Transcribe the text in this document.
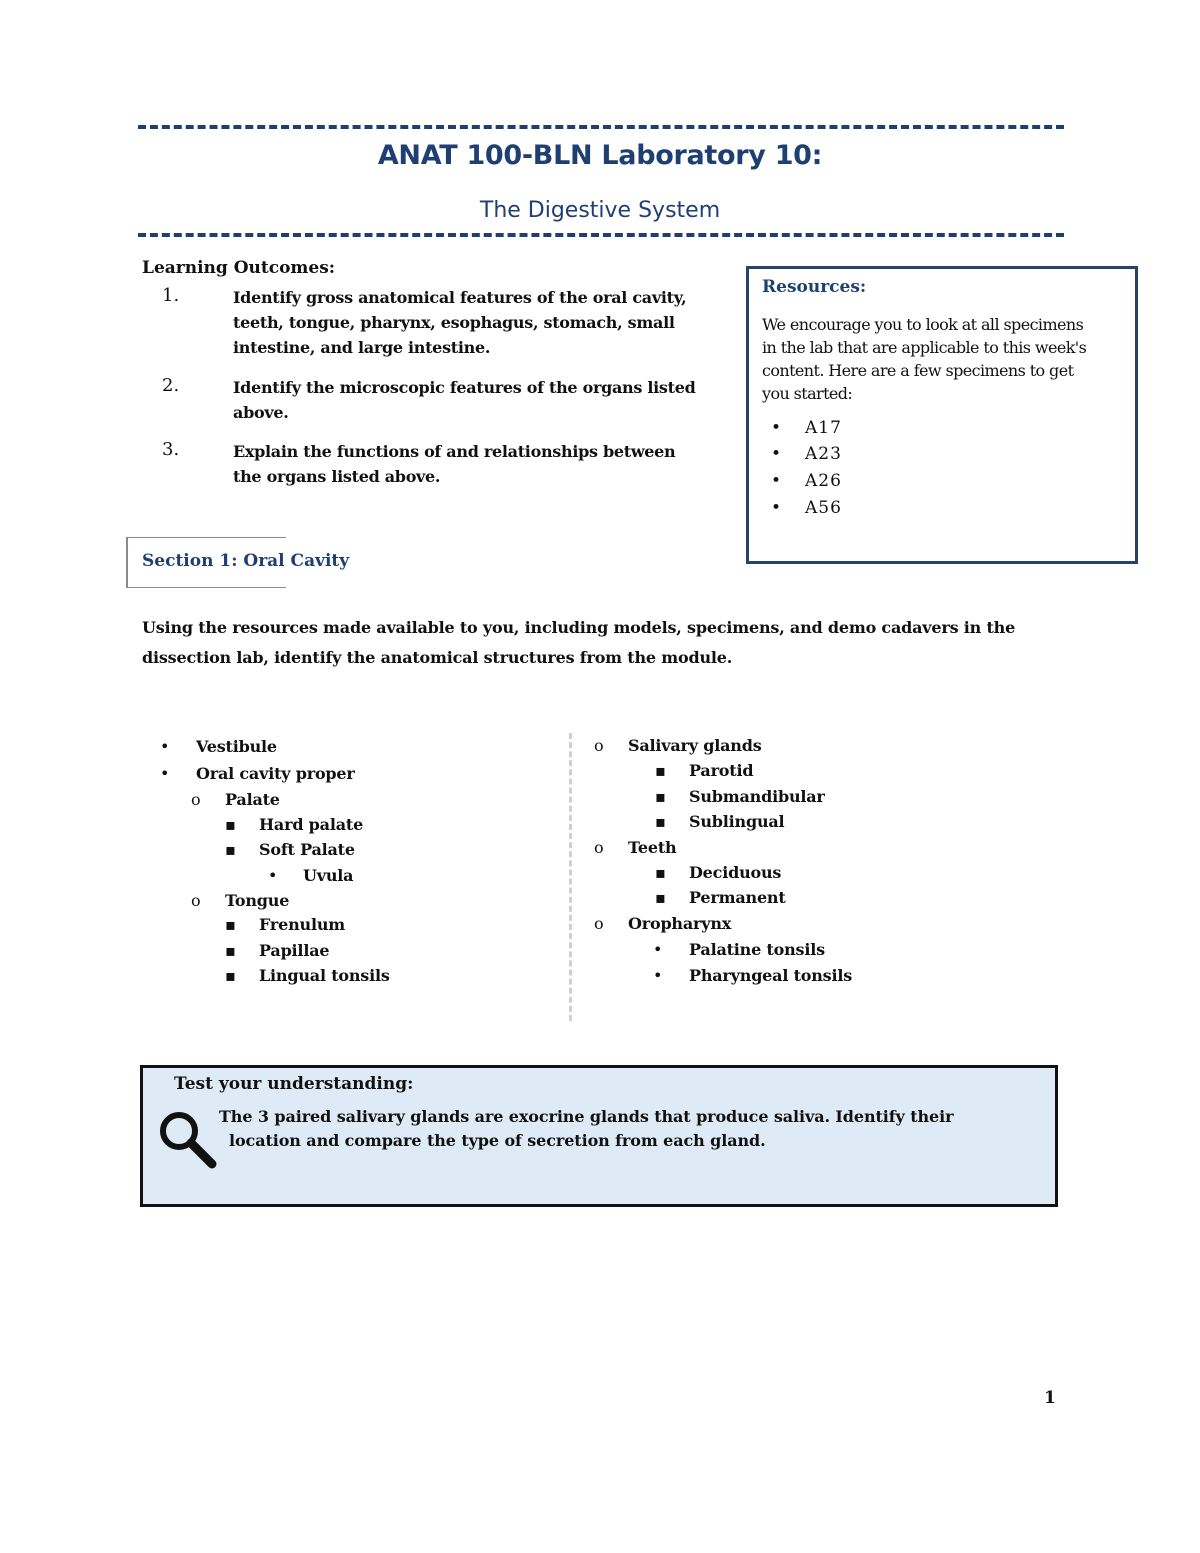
ANAT 100-BLN Laboratory 10:
The Digestive System
Learning Outcomes:
1.	Identify gross anatomical features of the oral cavity,
teeth, tongue, pharynx, esophagus, stomach, small
intestine, and large intestine.
2.	Identify the microscopic features of the organs listed
above.
3.	Explain the functions of and relationships between
the organs listed above.
Resources:
We encourage you to look at all specimens
in the lab that are applicable to this week's
content. Here are a few specimens to get
you started:
• A17
• A23
• A26
• A56
Section 1: Oral Cavity
Using the resources made available to you, including models, specimens, and demo cadavers in the
dissection lab, identify the anatomical structures from the module.
• Vestibule
• Oral cavity proper
o Palate
▪ Hard palate
▪ Soft Palate
• Uvula
o Tongue
▪ Frenulum
▪ Papillae
▪ Lingual tonsils
o Salivary glands
▪ Parotid
▪ Submandibular
▪ Sublingual
o Teeth
▪ Deciduous
▪ Permanent
o Oropharynx
• Palatine tonsils
• Pharyngeal tonsils
Test your understanding:
The 3 paired salivary glands are exocrine glands that produce saliva. Identify their
location and compare the type of secretion from each gland.
1
